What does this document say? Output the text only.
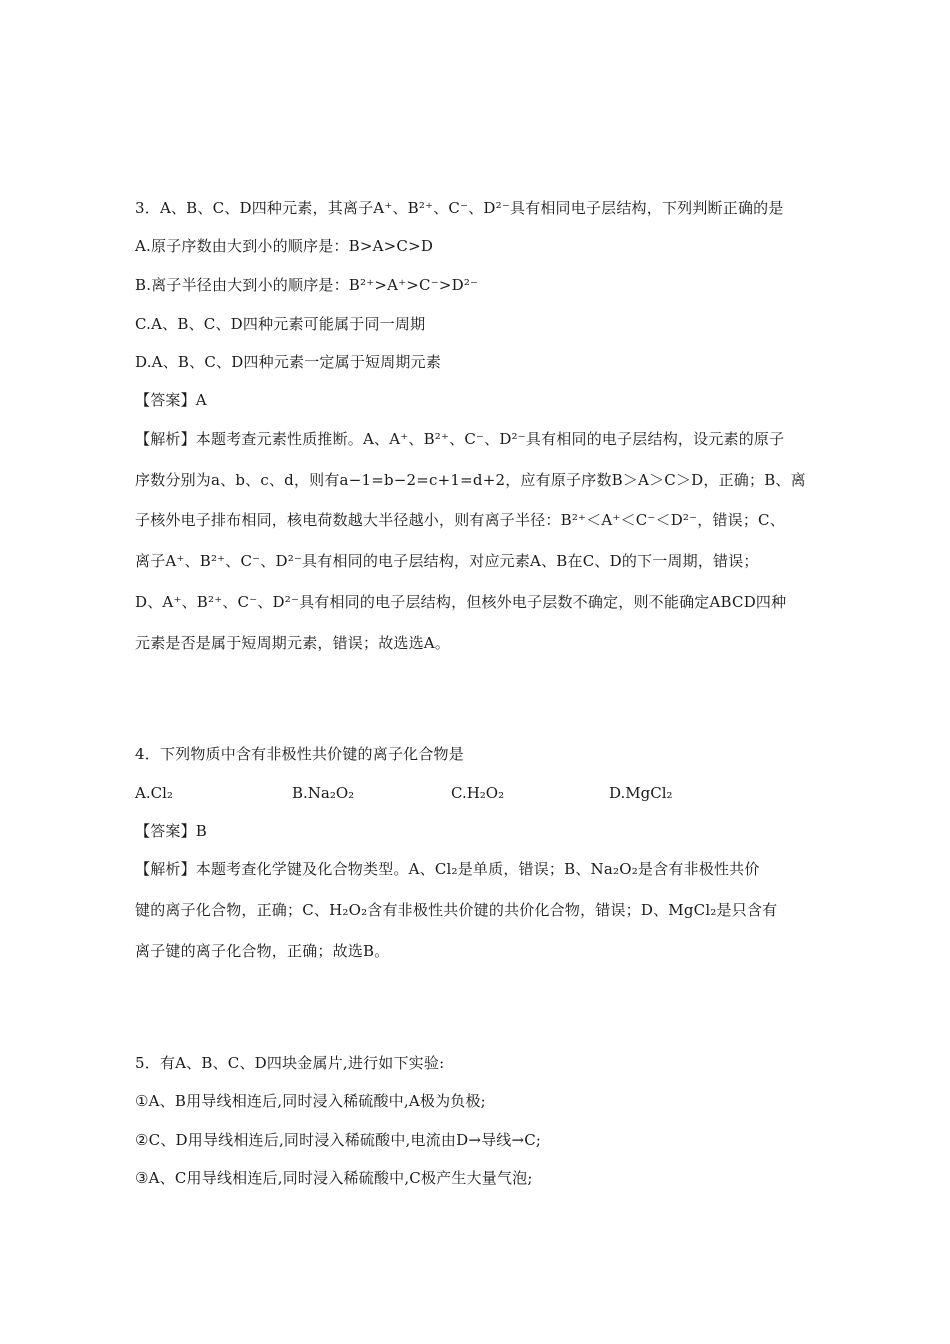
3．A、B、C、D四种元素，其离子A⁺、B²⁺、C⁻、D²⁻具有相同电子层结构，下列判断正确的是
A.原子序数由大到小的顺序是：B>A>C>D
B.离子半径由大到小的顺序是：B²⁺>A⁺>C⁻>D²⁻
C.A、B、C、D四种元素可能属于同一周期
D.A、B、C、D四种元素一定属于短周期元素
【答案】A
【解析】本题考查元素性质推断。A、A⁺、B²⁺、C⁻、D²⁻具有相同的电子层结构，设元素的原子
序数分别为a、b、c、d，则有a−1=b−2=c+1=d+2，应有原子序数B＞A＞C＞D，正确；B、离
子核外电子排布相同，核电荷数越大半径越小，则有离子半径：B²⁺＜A⁺＜C⁻＜D²⁻，错误；C、
离子A⁺、B²⁺、C⁻、D²⁻具有相同的电子层结构，对应元素A、B在C、D的下一周期，错误；
D、A⁺、B²⁺、C⁻、D²⁻具有相同的电子层结构，但核外电子层数不确定，则不能确定ABCD四种
元素是否是属于短周期元素，错误；故选选A。
4．下列物质中含有非极性共价键的离子化合物是
A.Cl₂	B.Na₂O₂	C.H₂O₂	D.MgCl₂
【答案】B
【解析】本题考查化学键及化合物类型。A、Cl₂是单质，错误；B、Na₂O₂是含有非极性共价
键的离子化合物，正确；C、H₂O₂含有非极性共价键的共价化合物，错误；D、MgCl₂是只含有
离子键的离子化合物，正确；故选B。
5．有A、B、C、D四块金属片,进行如下实验:
①A、B用导线相连后,同时浸入稀硫酸中,A极为负极;
②C、D用导线相连后,同时浸入稀硫酸中,电流由D→导线→C;
③A、C用导线相连后,同时浸入稀硫酸中,C极产生大量气泡;
